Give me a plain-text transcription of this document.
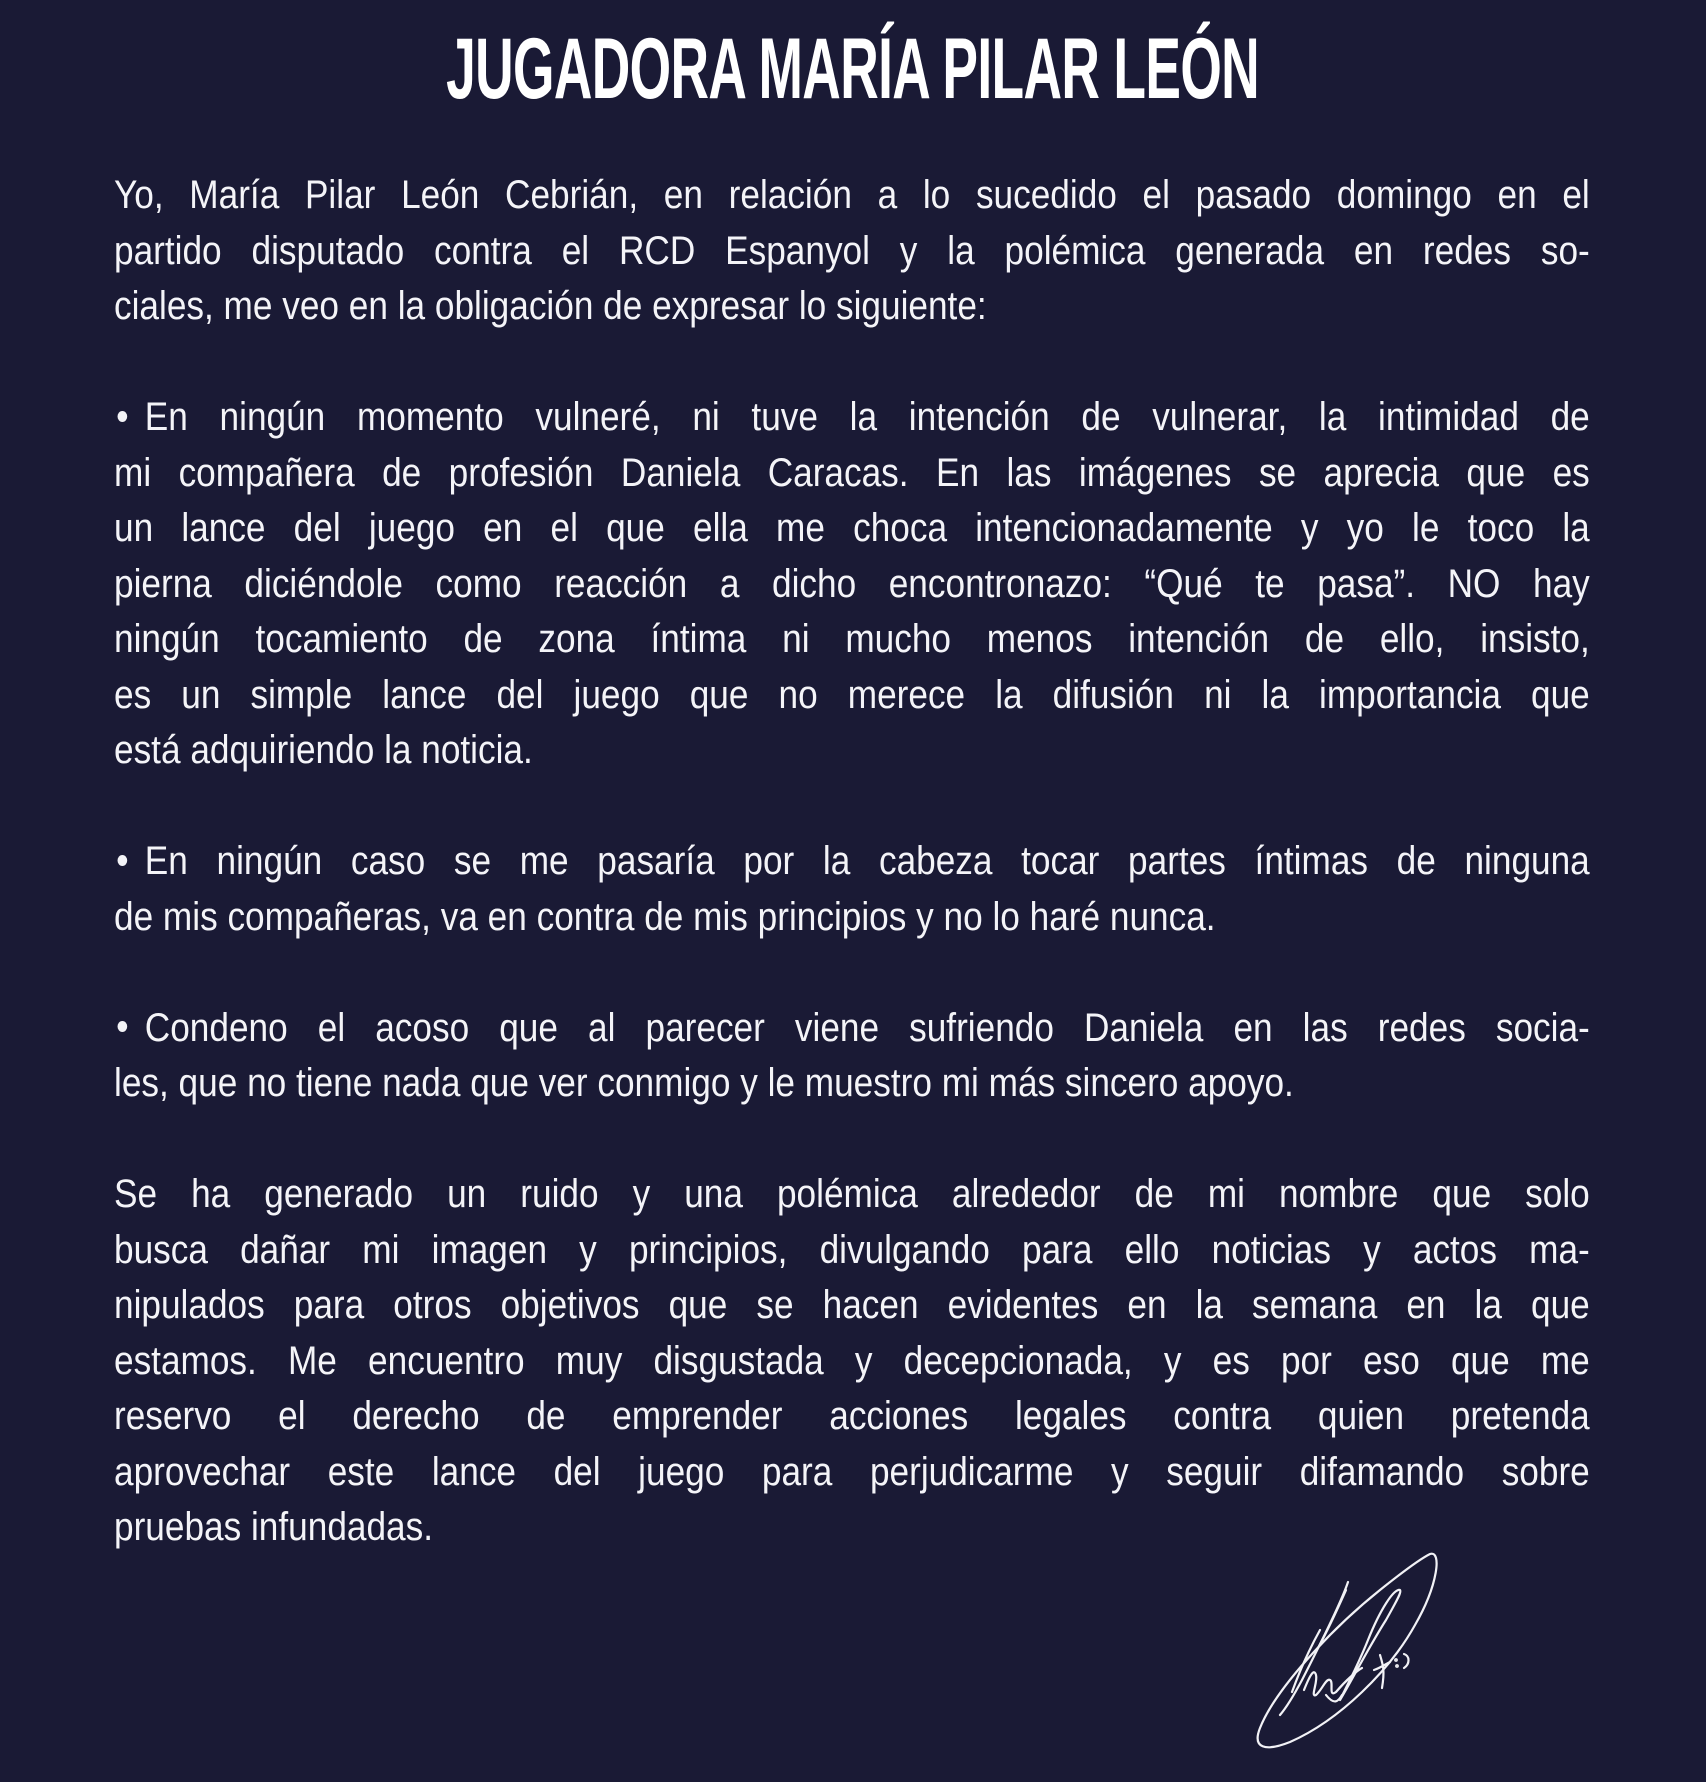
JUGADORA MARÍA PILAR LEÓN
Yo, María Pilar León Cebrián, en relación a lo sucedido el pasado domingo en el
partido disputado contra el RCD Espanyol y la polémica generada en redes so-
ciales, me veo en la obligación de expresar lo siguiente:
En ningún momento vulneré, ni tuve la intención de vulnerar, la intimidad de
mi compañera de profesión Daniela Caracas. En las imágenes se aprecia que es
un lance del juego en el que ella me choca intencionadamente y yo le toco la
pierna diciéndole como reacción a dicho encontronazo: “Qué te pasa”. NO hay
ningún tocamiento de zona íntima ni mucho menos intención de ello, insisto,
es un simple lance del juego que no merece la difusión ni la importancia que
está adquiriendo la noticia.
En ningún caso se me pasaría por la cabeza tocar partes íntimas de ninguna
de mis compañeras, va en contra de mis principios y no lo haré nunca.
Condeno el acoso que al parecer viene sufriendo Daniela en las redes socia-
les, que no tiene nada que ver conmigo y le muestro mi más sincero apoyo.
Se ha generado un ruido y una polémica alrededor de mi nombre que solo
busca dañar mi imagen y principios, divulgando para ello noticias y actos ma-
nipulados para otros objetivos que se hacen evidentes en la semana en la que
estamos. Me encuentro muy disgustada y decepcionada, y es por eso que me
reservo el derecho de emprender acciones legales contra quien pretenda
aprovechar este lance del juego para perjudicarme y seguir difamando sobre
pruebas infundadas.
